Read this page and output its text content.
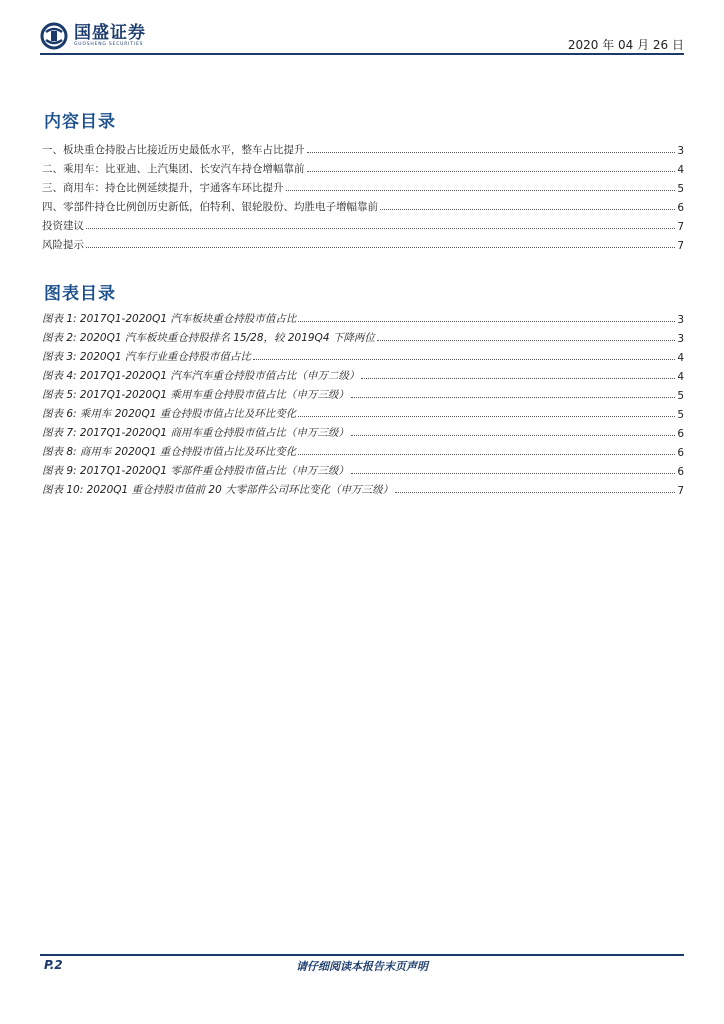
国盛证券
GUOSHENG SECURITIES	2020 年 04 月 26 日
内容目录
一、板块重仓持股占比接近历史最低水平，整车占比提升	3
二、乘用车：比亚迪、上汽集团、长安汽车持仓增幅靠前	4
三、商用车：持仓比例延续提升，宇通客车环比提升	5
四、零部件持仓比例创历史新低，伯特利、银轮股份、均胜电子增幅靠前	6
投资建议	7
风险提示	7
图表目录
图表 1: 2017Q1-2020Q1 汽车板块重仓持股市值占比	3
图表 2: 2020Q1 汽车板块重仓持股排名 15/28，较 2019Q4 下降两位	3
图表 3: 2020Q1 汽车行业重仓持股市值占比	4
图表 4: 2017Q1-2020Q1 汽车汽车重仓持股市值占比（申万二级）	4
图表 5: 2017Q1-2020Q1 乘用车重仓持股市值占比（申万三级）	5
图表 6: 乘用车 2020Q1 重仓持股市值占比及环比变化	5
图表 7: 2017Q1-2020Q1 商用车重仓持股市值占比（申万三级）	6
图表 8: 商用车 2020Q1 重仓持股市值占比及环比变化	6
图表 9: 2017Q1-2020Q1 零部件重仓持股市值占比（申万三级）	6
图表 10: 2020Q1 重仓持股市值前 20 大零部件公司环比变化（申万三级）	7
P.2	请仔细阅读本报告末页声明
